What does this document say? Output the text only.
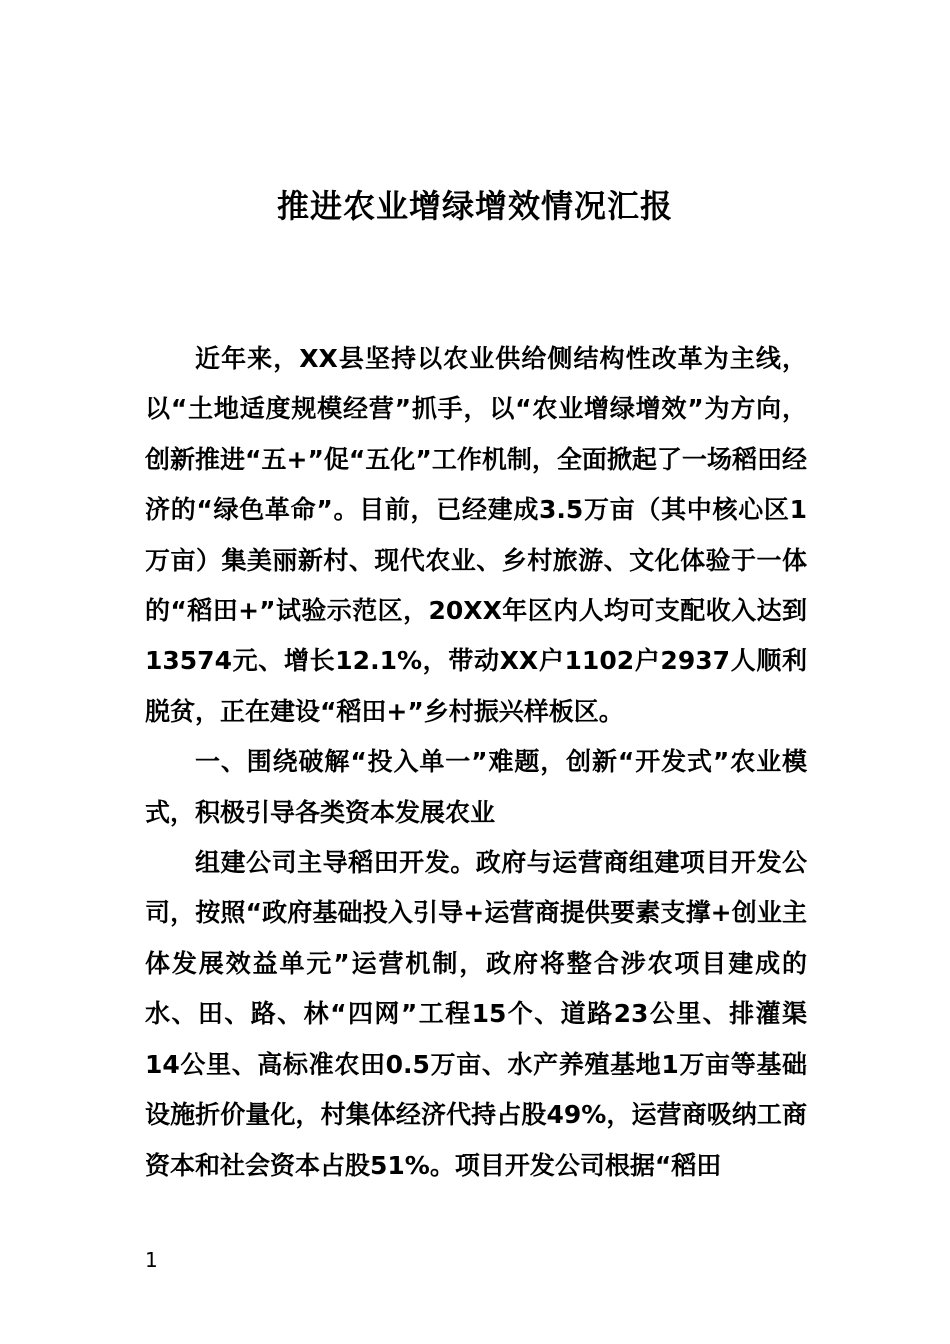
推进农业增绿增效情况汇报

近年来，XX县坚持以农业供给侧结构性改革为主线，以“土地适度规模经营”抓手，以“农业增绿增效”为方向，创新推进“五+”促“五化”工作机制，全面掀起了一场稻田经济的“绿色革命”。目前，已经建成3.5万亩（其中核心区1万亩）集美丽新村、现代农业、乡村旅游、文化体验于一体的“稻田+”试验示范区，20XX年区内人均可支配收入达到13574元、增长12.1%，带动XX户1102户2937人顺利脱贫，正在建设“稻田+”乡村振兴样板区。

一、围绕破解“投入单一”难题，创新“开发式”农业模式，积极引导各类资本发展农业

组建公司主导稻田开发。政府与运营商组建项目开发公司，按照“政府基础投入引导+运营商提供要素支撑+创业主体发展效益单元”运营机制，政府将整合涉农项目建成的水、田、路、林“四网”工程15个、道路23公里、排灌渠14公里、高标准农田0.5万亩、水产养殖基地1万亩等基础设施折价量化，村集体经济代持占股49%，运营商吸纳工商资本和社会资本占股51%。项目开发公司根据“稻田

1
